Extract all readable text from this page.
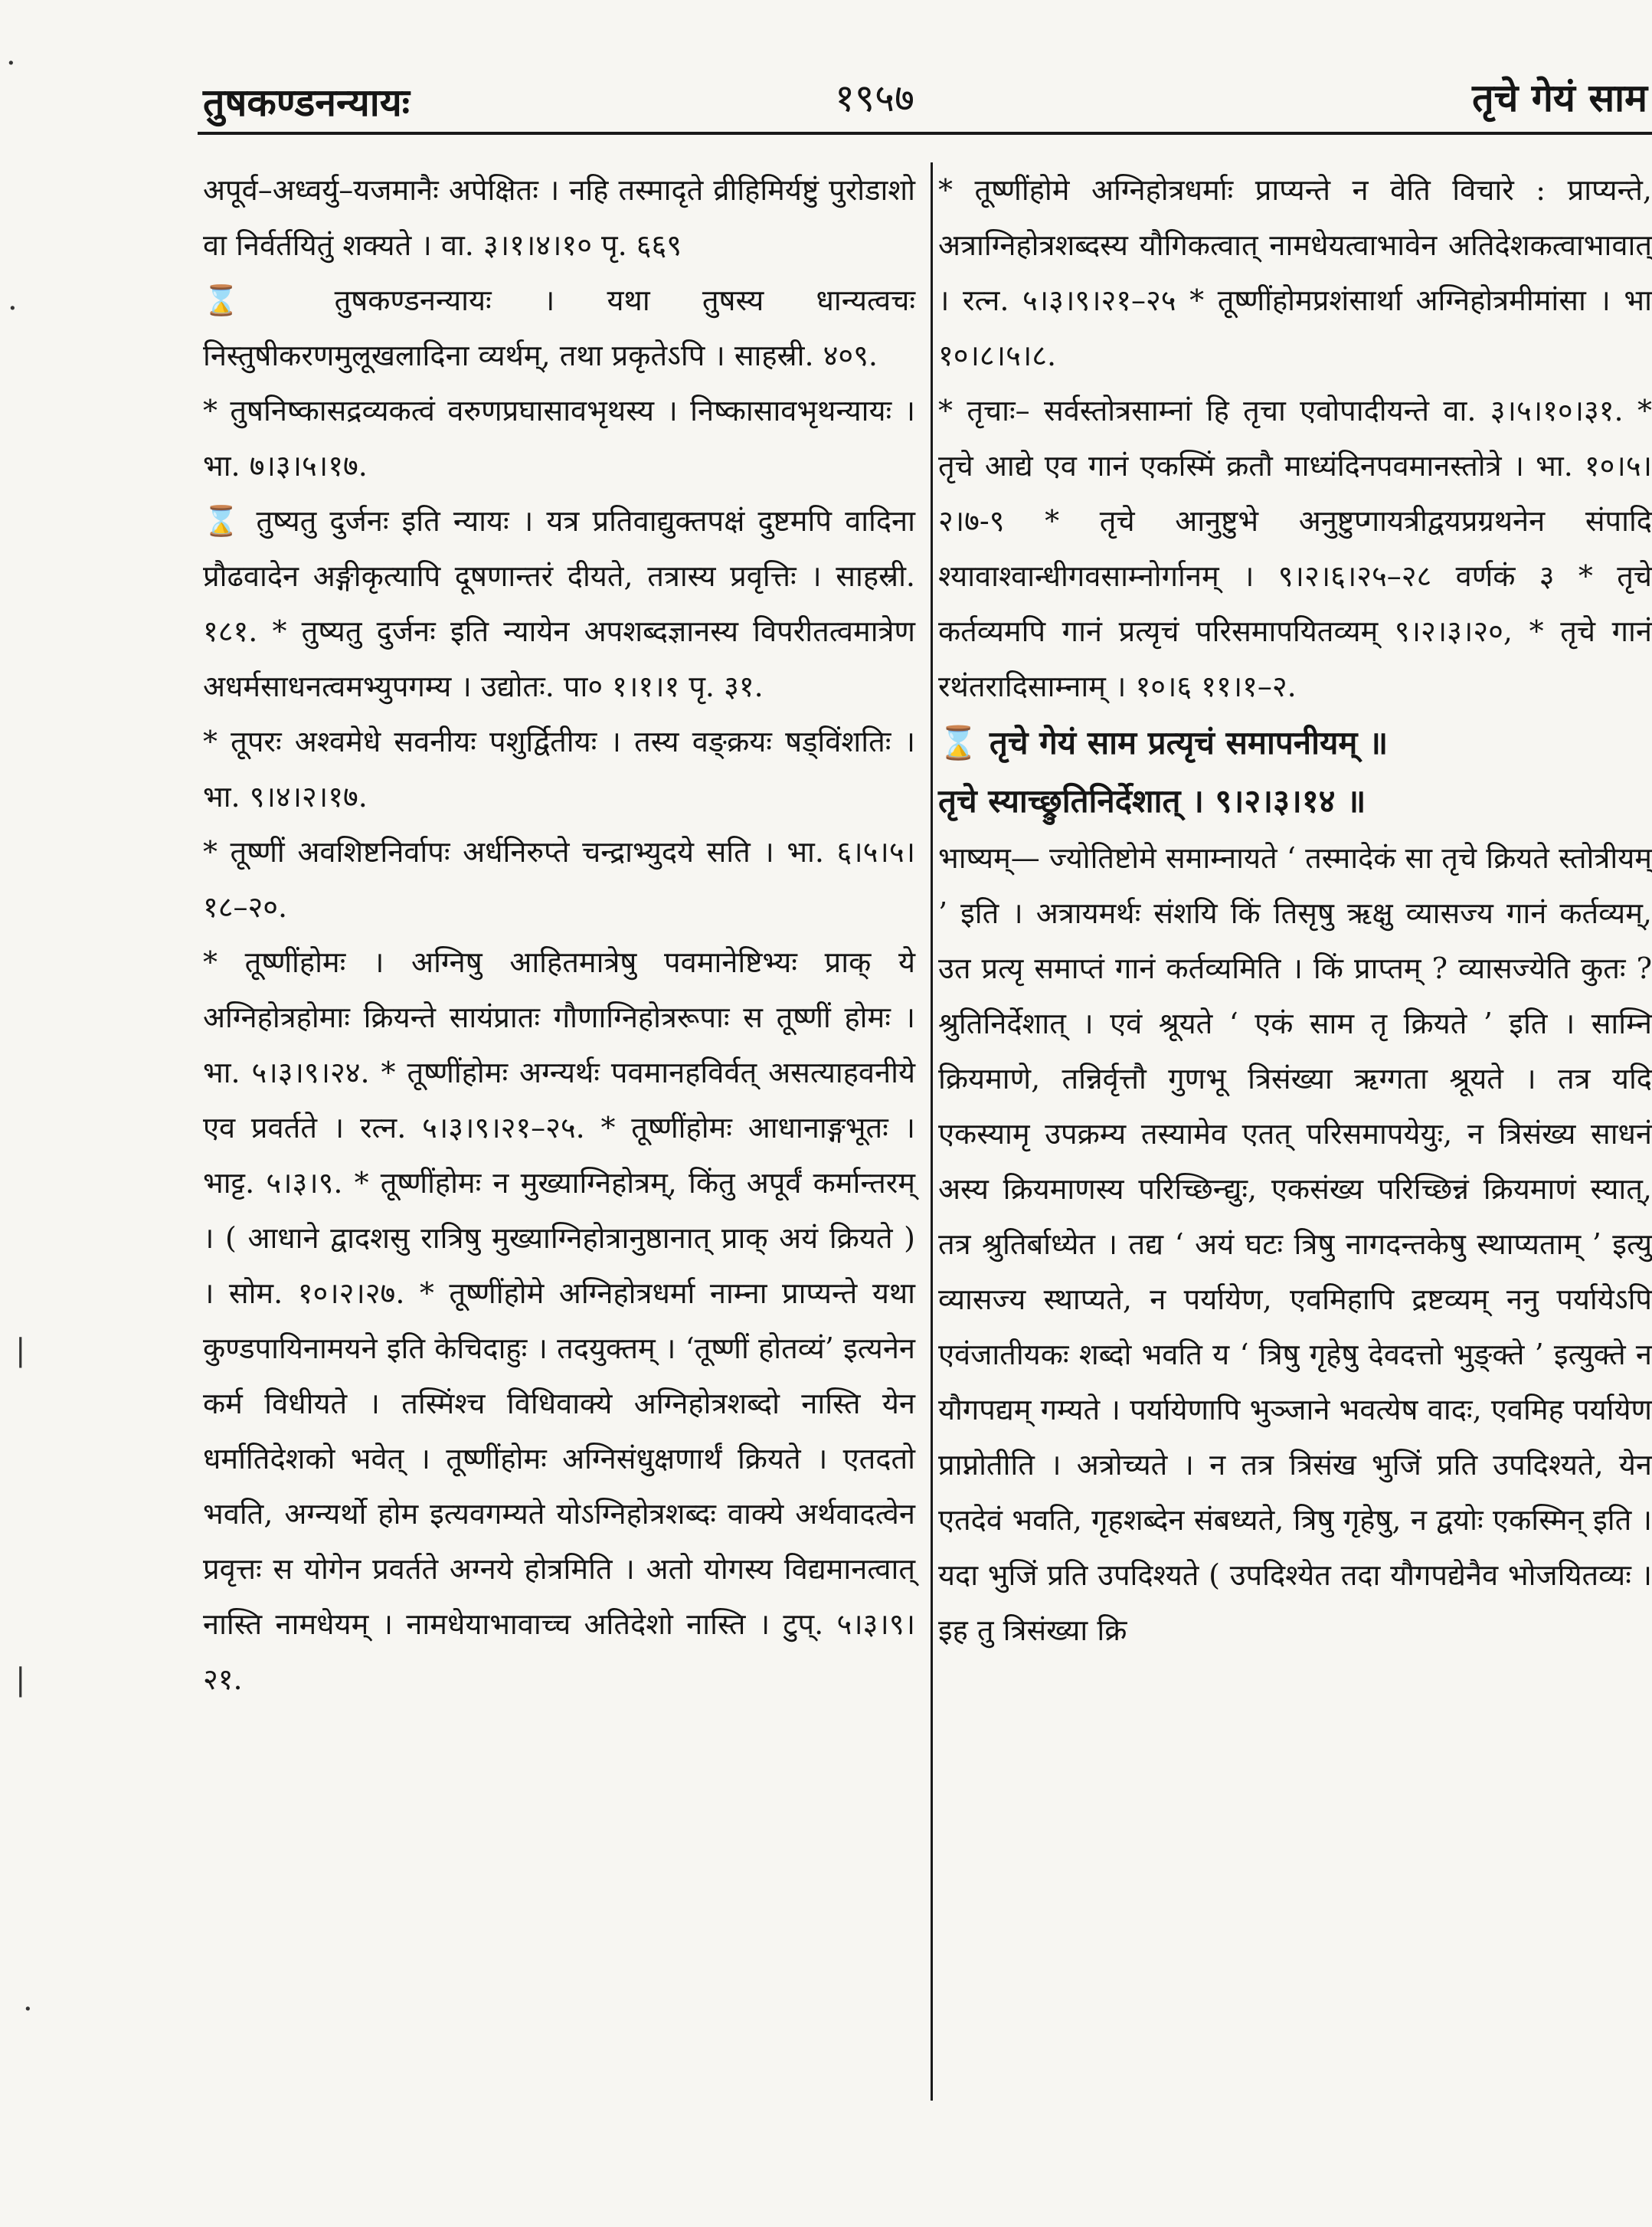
·
·
|
|
·
तुषकण्डनन्यायः	१९५७	तृचे गेयं साम

अपूर्व–अध्वर्यु–यजमानैः अपेक्षितः । नहि तस्मादृते व्रीहिमिर्यष्टुं पुरोडाशो वा निर्वर्तयितुं शक्यते । वा. ३।१।४।१० पृ. ६६९

⌛ तुषकण्डनन्यायः । यथा तुषस्य धान्यत्वचः निस्तुषीकरणमुलूखलादिना व्यर्थम्, तथा प्रकृतेऽपि । साहस्री. ४०९.

* तुषनिष्कासद्रव्यकत्वं वरुणप्रघासावभृथस्य । निष्कासावभृथन्यायः । भा. ७।३।५।१७.

⌛ तुष्यतु दुर्जनः इति न्यायः । यत्र प्रतिवाद्युक्तपक्षं दुष्टमपि वादिना प्रौढवादेन अङ्गीकृत्यापि दूषणान्तरं दीयते, तत्रास्य प्रवृत्तिः । साहस्री. १८१. * तुष्यतु दुर्जनः इति न्यायेन अपशब्दज्ञानस्य विपरीतत्वमात्रेण अधर्मसाधनत्वमभ्युपगम्य । उद्योतः. पा० १।१।१ पृ. ३१.

* तूपरः अश्वमेधे सवनीयः पशुर्द्वितीयः । तस्य वङ्क्रयः षड्विंशतिः । भा. ९।४।२।१७.

* तूष्णीं अवशिष्टनिर्वापः अर्धनिरुप्ते चन्द्राभ्युदये सति । भा. ६।५।५।१८–२०.

* तूष्णींहोमः । अग्निषु आहितमात्रेषु पवमानेष्टिभ्यः प्राक् ये अग्निहोत्रहोमाः क्रियन्ते सायंप्रातः गौणाग्निहोत्ररूपाः स तूष्णीं होमः । भा. ५।३।९।२४. * तूष्णींहोमः अग्न्यर्थः पवमानहविर्वत् असत्याहवनीये एव प्रवर्तते । रत्न. ५।३।९।२१–२५. * तूष्णींहोमः आधानाङ्गभूतः । भाट्ट. ५।३।९. * तूष्णींहोमः न मुख्याग्निहोत्रम्, किंतु अपूर्वं कर्मान्तरम् । ( आधाने द्वादशसु रात्रिषु मुख्याग्निहोत्रानुष्ठानात् प्राक् अयं क्रियते ) । सोम. १०।२।२७. * तूष्णींहोमे अग्निहोत्रधर्मा नाम्ना प्राप्यन्ते यथा कुण्डपायिनामयने इति केचिदाहुः । तदयुक्तम् । ‘तूष्णीं होतव्यं’ इत्यनेन कर्म विधीयते । तस्मिंश्च विधिवाक्ये अग्निहोत्रशब्दो नास्ति येन धर्मातिदेशको भवेत् । तूष्णींहोमः अग्निसंधुक्षणार्थं क्रियते । एतदतो भवति, अग्न्यर्थो होम इत्यवगम्यते योऽग्निहोत्रशब्दः वाक्ये अर्थवादत्वेन प्रवृत्तः स योगेन प्रवर्तते अग्नये होत्रमिति । अतो योगस्य विद्यमानत्वात् नास्ति नामधेयम् । नामधेयाभावाच्च अतिदेशो नास्ति । टुप्. ५।३।९।२१.

* तूष्णींहोमे अग्निहोत्रधर्माः प्राप्यन्ते न वेति विचारे : प्राप्यन्ते, अत्राग्निहोत्रशब्दस्य यौगिकत्वात् नामधेयत्वाभावेन अतिदेशकत्वाभावात् । रत्न. ५।३।९।२१–२५ * तूष्णींहोमप्रशंसार्था अग्निहोत्रमीमांसा । भा १०।८।५।८.

* तृचाः– सर्वस्तोत्रसाम्नां हि तृचा एवोपादीयन्ते वा. ३।५।१०।३१. * तृचे आद्ये एव गानं एकस्मिं क्रतौ माध्यंदिनपवमानस्तोत्रे । भा. १०।५।२।७-९ * तृचे आनुष्टुभे अनुष्टुप्गायत्रीद्वयप्रग्रथनेन संपादि श्यावाश्वान्धीगवसाम्नोर्गानम् । ९।२।६।२५–२८ वर्णकं ३ * तृचे कर्तव्यमपि गानं प्रत्यृचं परिसमापयितव्यम् ९।२।३।२०, * तृचे गानं रथंतरादिसाम्नाम् । १०।६ ११।१–२.

⌛ तृचे गेयं साम प्रत्यृचं समापनीयम् ॥
तृचे स्याच्छ्रुतिनिर्देशात् । ९।२।३।१४ ॥

भाष्यम्— ज्योतिष्टोमे समाम्नायते ‘ तस्मादेकं सा तृचे क्रियते स्तोत्रीयम् ’ इति । अत्रायमर्थः संशयि किं तिसृषु ऋक्षु व्यासज्य गानं कर्तव्यम्, उत प्रत्यृ समाप्तं गानं कर्तव्यमिति । किं प्राप्तम् ? व्यासज्येति कुतः ? श्रुतिनिर्देशात् । एवं श्रूयते ‘ एकं साम तृ क्रियते ’ इति । साम्नि क्रियमाणे, तन्निर्वृत्तौ गुणभू त्रिसंख्या ऋग्गता श्रूयते । तत्र यदि एकस्यामृ उपक्रम्य तस्यामेव एतत् परिसमापयेयुः, न त्रिसंख्य साधनं अस्य क्रियमाणस्य परिच्छिन्द्युः, एकसंख्य परिच्छिन्नं क्रियमाणं स्यात्, तत्र श्रुतिर्बाध्येत । तद्य ‘ अयं घटः त्रिषु नागदन्तकेषु स्थाप्यताम् ’ इत्यु व्यासज्य स्थाप्यते, न पर्यायेण, एवमिहापि द्रष्टव्यम् ननु पर्यायेऽपि एवंजातीयकः शब्दो भवति य ‘ त्रिषु गृहेषु देवदत्तो भुङ्क्ते ’ इत्युक्ते न यौगपद्यम् गम्यते । पर्यायेणापि भुञ्जाने भवत्येष वादः, एवमिह पर्यायेण प्राप्नोतीति । अत्रोच्यते । न तत्र त्रिसंख भुजिं प्रति उपदिश्यते, येन एतदेवं भवति, गृहशब्देन संबध्यते, त्रिषु गृहेषु, न द्वयोः एकस्मिन् इति । यदा भुजिं प्रति उपदिश्यते ( उपदिश्येत तदा यौगपद्येनैव भोजयितव्यः । इह तु त्रिसंख्या क्रि
